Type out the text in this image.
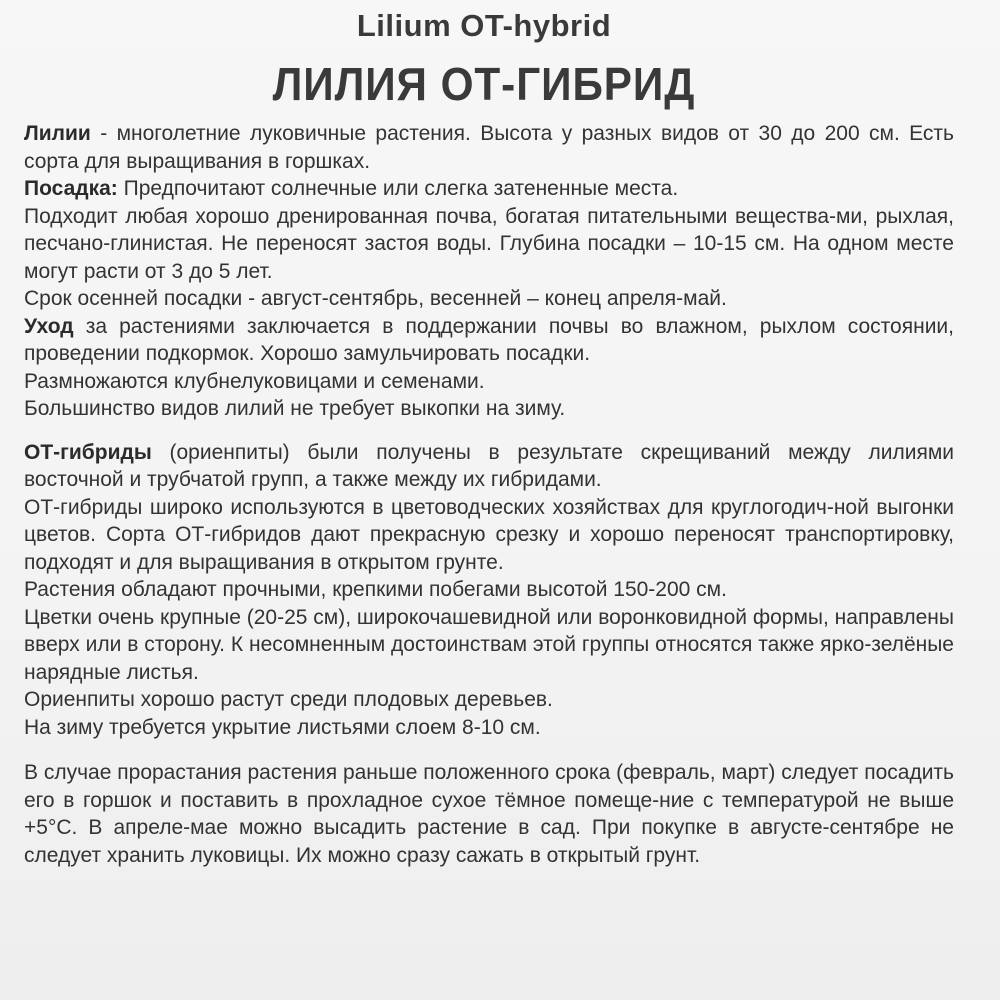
Lilium OT-hybrid
ЛИЛИЯ ОТ-ГИБРИД

Лилии - многолетние луковичные растения. Высота у разных видов от 30 до 200 см. Есть сорта для выращивания в горшках.

Посадка: Предпочитают солнечные или слегка затененные места.

Подходит любая хорошо дренированная почва, богатая питательными вещества-ми, рыхлая, песчано-глинистая. Не переносят застоя воды. Глубина посадки – 10-15 см. На одном месте могут расти от 3 до 5 лет.

Срок осенней посадки - август-сентябрь, весенней – конец апреля-май.

Уход за растениями заключается в поддержании почвы во влажном, рыхлом состоянии, проведении подкормок. Хорошо замульчировать посадки.

Размножаются клубнелуковицами и семенами.

Большинство видов лилий не требует выкопки на зиму.

ОТ-гибриды (ориенпиты) были получены в результате скрещиваний между лилиями восточной и трубчатой групп, а также между их гибридами.

ОТ-гибриды широко используются в цветоводческих хозяйствах для круглогодич-ной выгонки цветов. Сорта ОТ-гибридов дают прекрасную срезку и хорошо переносят транспортировку, подходят и для выращивания в открытом грунте.

Растения обладают прочными, крепкими побегами высотой 150-200 см.

Цветки очень крупные (20-25 см), широкочашевидной или воронковидной формы, направлены вверх или в сторону. К несомненным достоинствам этой группы относятся также ярко-зелёные нарядные листья.

Ориенпиты хорошо растут среди плодовых деревьев.

На зиму требуется укрытие листьями слоем 8-10 см.

В случае прорастания растения раньше положенного срока (февраль, март) следует посадить его в горшок и поставить в прохладное сухое тёмное помеще-ние с температурой не выше +5°С. В апреле-мае можно высадить растение в сад. При покупке в августе-сентябре не следует хранить луковицы. Их можно сразу сажать в открытый грунт.
